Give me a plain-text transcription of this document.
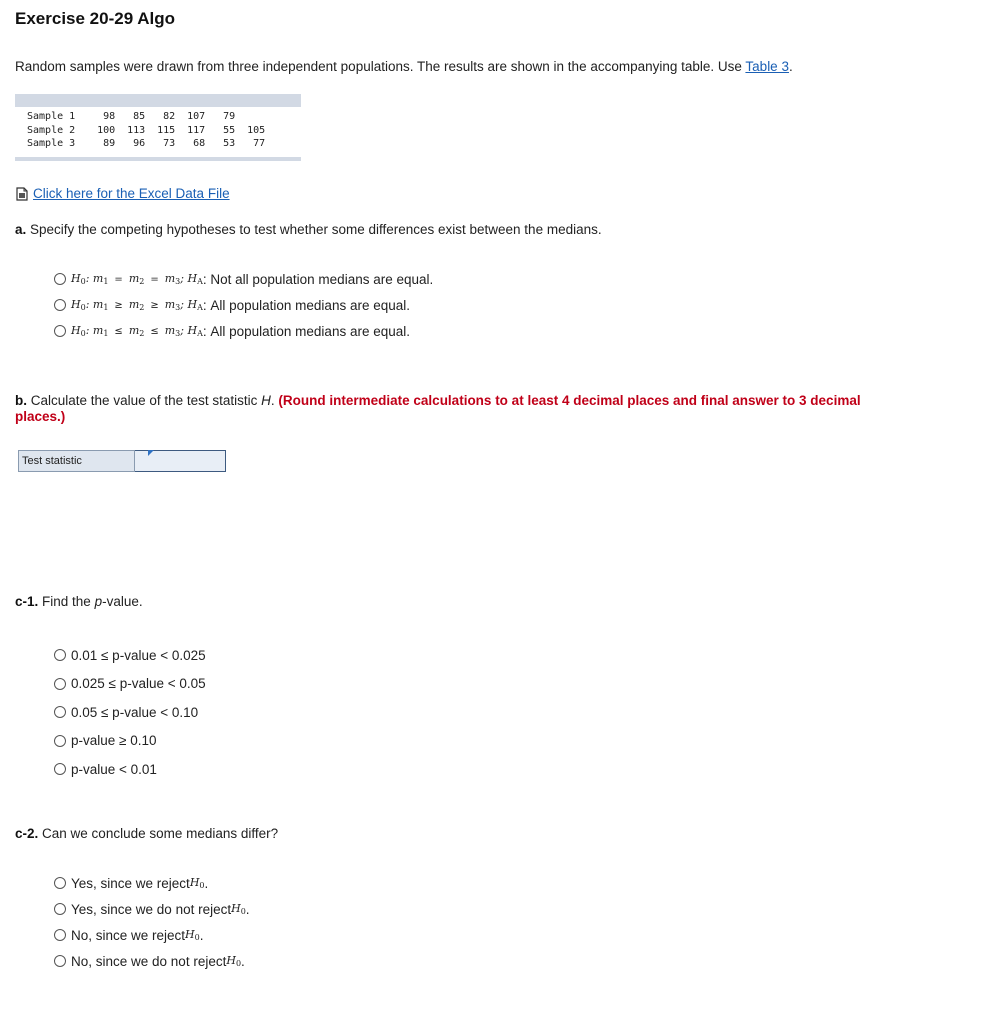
Exercise 20-29 Algo
Random samples were drawn from three independent populations. The results are shown in the accompanying table. Use Table 3.
Sample 1	98	85	82	107	79	
Sample 2	100	113	115	117	55	105
Sample 3	89	96	73	68	53	77
Click here for the Excel Data File
a. Specify the competing hypotheses to test whether some differences exist between the medians.
$H_0$ : $m_1 = m_2 = m_3$; $H_A$ : Not all population medians are equal.
$H_0$ : $m_1 \ge m_2 \ge m_3$; $H_A$ : All population medians are equal.
$H_0$ : $m_1 \le m_2 \le m_3$; $H_A$ : All population medians are equal.
b. Calculate the value of the test statistic H. (Round intermediate calculations to at least 4 decimal places and final answer to 3 decimal places.)
Test statistic
c-1. Find the p-value.
0.01 ≤ p-value < 0.025
0.025 ≤ p-value < 0.05
0.05 ≤ p-value < 0.10
p-value ≥ 0.10
p-value < 0.01
c-2. Can we conclude some medians differ?
Yes, since we reject $H_0$ .
Yes, since we do not reject $H_0$ .
No, since we reject $H_0$ .
No, since we do not reject $H_0$ .
